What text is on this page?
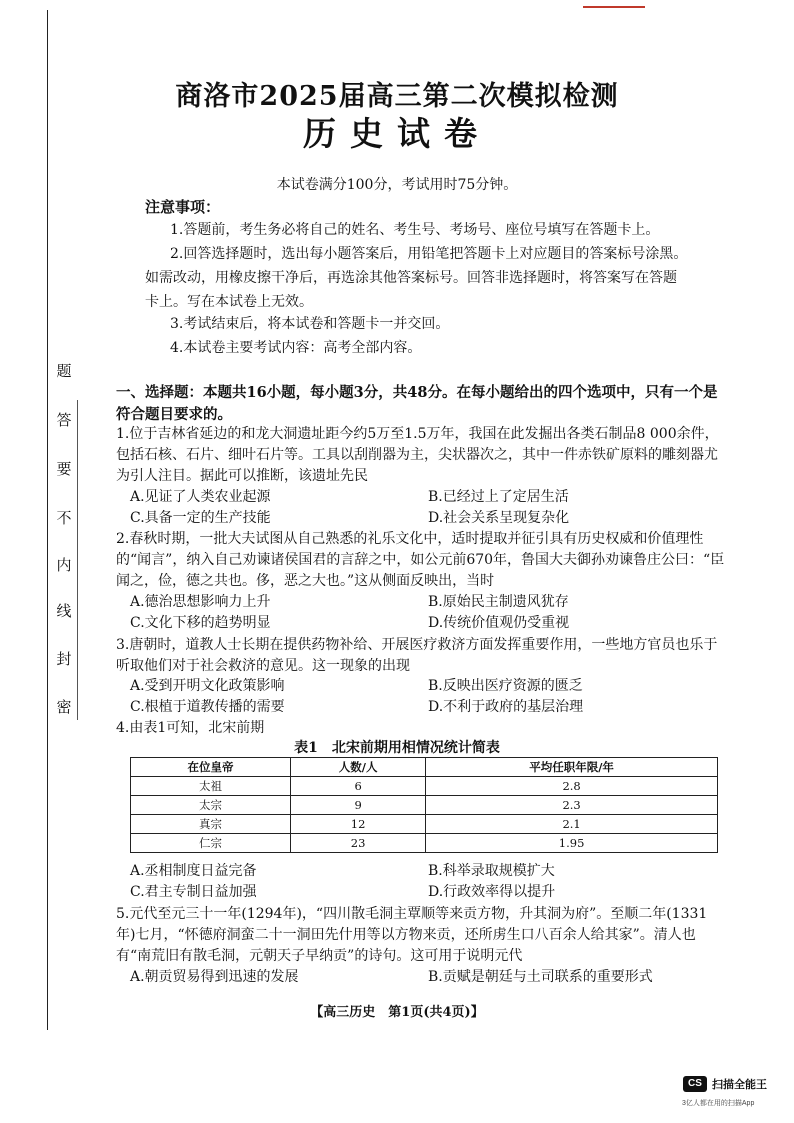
题
答
要
不
内
线
封
密
商洛市2025届高三第二次模拟检测
历史试卷
本试卷满分100分，考试用时75分钟。
注意事项：
1.答题前，考生务必将自己的姓名、考生号、考场号、座位号填写在答题卡上。
2.回答选择题时，选出每小题答案后，用铅笔把答题卡上对应题目的答案标号涂黑。如需改动，用橡皮擦干净后，再选涂其他答案标号。回答非选择题时，将答案写在答题卡上。写在本试卷上无效。
3.考试结束后，将本试卷和答题卡一并交回。
4.本试卷主要考试内容：高考全部内容。
一、选择题：本题共16小题，每小题3分，共48分。在每小题给出的四个选项中，只有一个是符合题目要求的。
1.位于吉林省延边的和龙大洞遗址距今约5万至1.5万年，我国在此发掘出各类石制品8 000余件，包括石核、石片、细叶石片等。工具以刮削器为主，尖状器次之，其中一件赤铁矿原料的雕刻器尤为引人注目。据此可以推断，该遗址先民
A.见证了人类农业起源	B.已经过上了定居生活
C.具备一定的生产技能	D.社会关系呈现复杂化
2.春秋时期，一批大夫试图从自己熟悉的礼乐文化中，适时提取并征引具有历史权威和价值理性的“闻言”，纳入自己劝谏诸侯国君的言辞之中，如公元前670年，鲁国大夫御孙劝谏鲁庄公曰：“臣闻之，俭，德之共也。侈，恶之大也。”这从侧面反映出，当时
A.德治思想影响力上升	B.原始民主制遗风犹存
C.文化下移的趋势明显	D.传统价值观仍受重视
3.唐朝时，道教人士长期在提供药物补给、开展医疗救济方面发挥重要作用，一些地方官员也乐于听取他们对于社会救济的意见。这一现象的出现
A.受到开明文化政策影响	B.反映出医疗资源的匮乏
C.根植于道教传播的需要	D.不利于政府的基层治理
4.由表1可知，北宋前期
表1　北宋前期用相情况统计简表
在位皇帝	人数/人	平均任职年限/年
太祖	6	2.8
太宗	9	2.3
真宗	12	2.1
仁宗	23	1.95
A.丞相制度日益完备	B.科举录取规模扩大
C.君主专制日益加强	D.行政效率得以提升
5.元代至元三十一年(1294年)，“四川散毛洞主覃顺等来贡方物，升其洞为府”。至顺二年(1331年)七月，“怀德府洞蛮二十一洞田先什用等以方物来贡，还所虏生口八百余人给其家”。清人也有“南荒旧有散毛洞，元朝天子早纳贡”的诗句。这可用于说明元代
A.朝贡贸易得到迅速的发展	B.贡赋是朝廷与土司联系的重要形式
【高三历史　第1页(共4页)】
CS 扫描全能王
3亿人都在用的扫描App
